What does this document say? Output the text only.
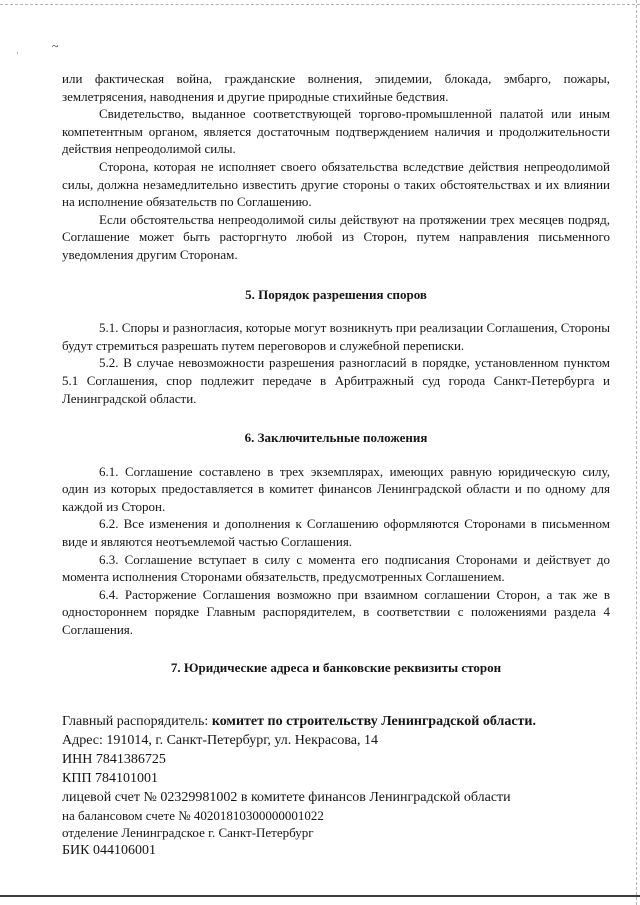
~
·

или фактическая война, гражданские волнения, эпидемии, блокада, эмбарго, пожары, землетрясения, наводнения и другие природные стихийные бедствия.

Свидетельство, выданное соответствующей торгово-промышленной палатой или иным компетентным органом, является достаточным подтверждением наличия и продолжительности действия непреодолимой силы.

Сторона, которая не исполняет своего обязательства вследствие действия непреодолимой силы, должна незамедлительно известить другие стороны о таких обстоятельствах и их влиянии на исполнение обязательств по Соглашению.

Если обстоятельства непреодолимой силы действуют на протяжении трех месяцев подряд, Соглашение может быть расторгнуто любой из Сторон, путем направления письменного уведомления другим Сторонам.

5. Порядок разрешения споров

5.1. Споры и разногласия, которые могут возникнуть при реализации Соглашения, Стороны будут стремиться разрешать путем переговоров и служебной переписки.

5.2. В случае невозможности разрешения разногласий в порядке, установленном пунктом 5.1 Соглашения, спор подлежит передаче в Арбитражный суд города Санкт-Петербурга и Ленинградской области.

6. Заключительные положения

6.1. Соглашение составлено в трех экземплярах, имеющих равную юридическую силу, один из которых предоставляется в комитет финансов Ленинградской области и по одному для каждой из Сторон.

6.2. Все изменения и дополнения к Соглашению оформляются Сторонами в письменном виде и являются неотъемлемой частью Соглашения.

6.3. Соглашение вступает в силу с момента его подписания Сторонами и действует до момента исполнения Сторонами обязательств, предусмотренных Соглашением.

6.4. Расторжение Соглашения возможно при взаимном соглашении Сторон, а так же в одностороннем порядке Главным распорядителем, в соответствии с положениями раздела 4 Соглашения.

7. Юридические адреса и банковские реквизиты сторон

Главный распорядитель: комитет по строительству Ленинградской области.
Адрес: 191014, г. Санкт-Петербург, ул. Некрасова, 14
ИНН 7841386725
КПП 784101001
лицевой счет № 02329981002 в комитете финансов Ленинградской области
на балансовом счете № 40201810300000001022
отделение Ленинградское г. Санкт-Петербург
БИК 044106001
